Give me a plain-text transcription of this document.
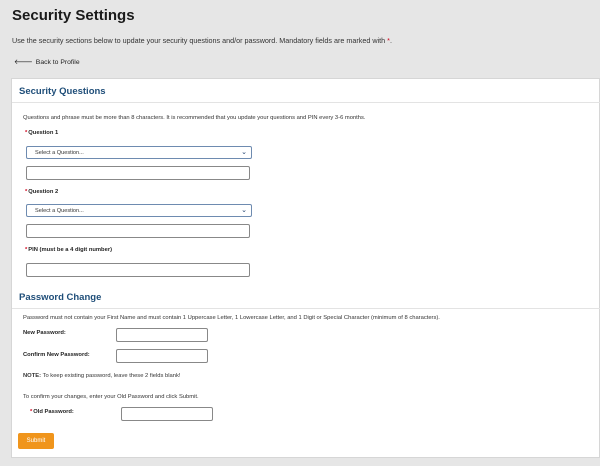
Security Settings
Use the security sections below to update your security questions and/or password. Mandatory fields are marked with *.
🡐 Back to Profile
Security Questions
Questions and phrase must be more than 8 characters. It is recommended that you update your questions and PIN every 3-6 months.
*Question 1
Select a Question...	⌄
*Question 2
Select a Question...	⌄
*PIN (must be a 4 digit number)
Password Change
Password must not contain your First Name and must contain 1 Uppercase Letter, 1 Lowercase Letter, and 1 Digit or Special Character (minimum of 8 characters).
New Password:
Confirm New Password:
NOTE: To keep existing password, leave these 2 fields blank!
To confirm your changes, enter your Old Password and click Submit.
*Old Password:
Submit
